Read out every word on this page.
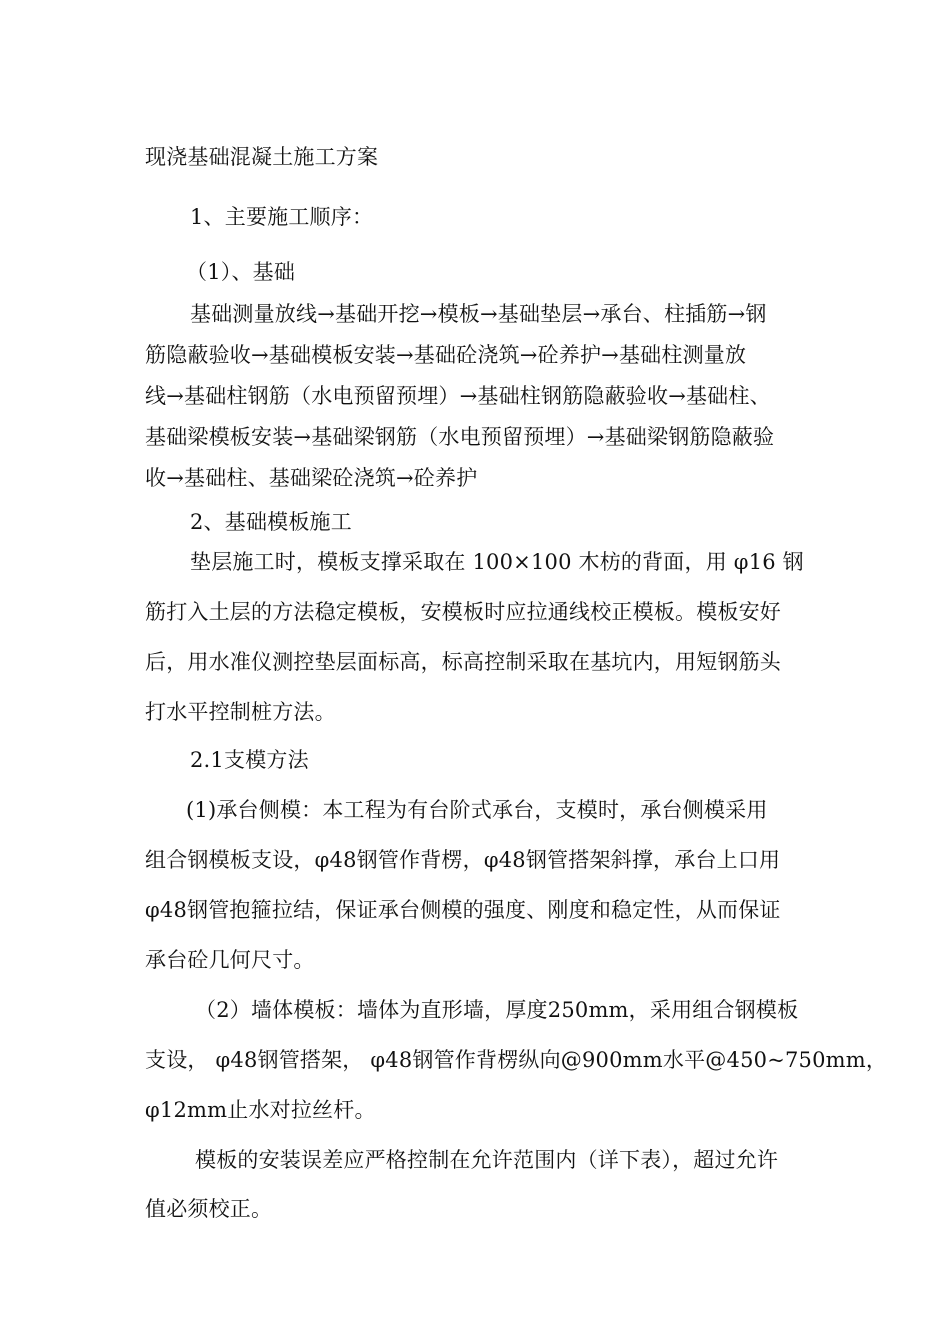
现浇基础混凝土施工方案
1、主要施工顺序：
（1）、基础
基础测量放线→基础开挖→模板→基础垫层→承台、柱插筋→钢
筋隐蔽验收→基础模板安装→基础砼浇筑→砼养护→基础柱测量放
线→基础柱钢筋（水电预留预埋）→基础柱钢筋隐蔽验收→基础柱、
基础梁模板安装→基础梁钢筋（水电预留预埋）→基础梁钢筋隐蔽验
收→基础柱、基础梁砼浇筑→砼养护
2、基础模板施工
垫层施工时，模板支撑采取在 100×100 木枋的背面，用 φ16 钢
筋打入土层的方法稳定模板，安模板时应拉通线校正模板。模板安好
后，用水准仪测控垫层面标高，标高控制采取在基坑内，用短钢筋头
打水平控制桩方法。
2.1支模方法
(1)承台侧模：本工程为有台阶式承台，支模时，承台侧模采用
组合钢模板支设，φ48钢管作背楞，φ48钢管搭架斜撑，承台上口用
φ48钢管抱箍拉结，保证承台侧模的强度、刚度和稳定性，从而保证
承台砼几何尺寸。
（2）墙体模板：墙体为直形墙，厚度250mm，采用组合钢模板
支设， φ48钢管搭架， φ48钢管作背楞纵向@900mm水平@450~750mm，
φ12mm止水对拉丝杆。
模板的安装误差应严格控制在允许范围内（详下表），超过允许
值必须校正。
